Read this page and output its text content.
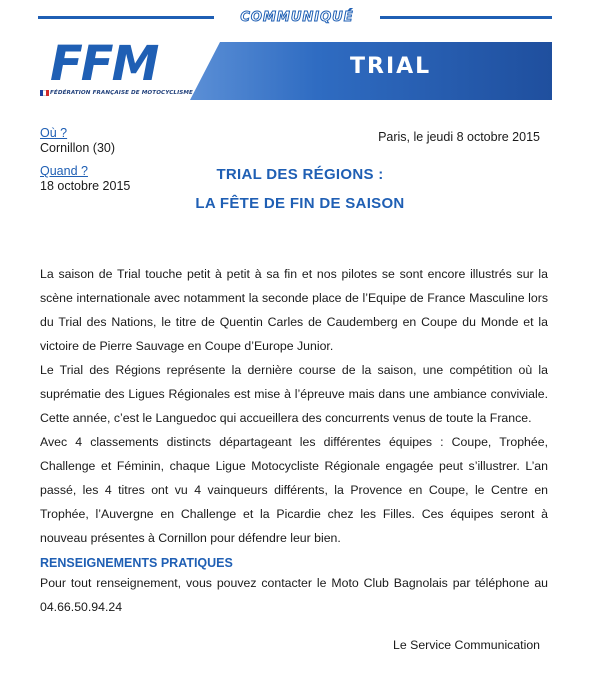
COMMUNIQUÉ
FFM
FÉDÉRATION FRANÇAISE DE MOTOCYCLISME
TRIAL
Où ?
Cornillon (30)
Quand ?
18 octobre 2015
Paris, le jeudi 8 octobre 2015
TRIAL DES RÉGIONS :
LA FÊTE DE FIN DE SAISON
La saison de Trial touche petit à petit à sa fin et nos pilotes se sont encore illustrés sur la scène internationale avec notamment la seconde place de l’Equipe de France Masculine lors du Trial des Nations, le titre de Quentin Carles de Caudemberg en Coupe du Monde et la victoire de Pierre Sauvage en Coupe d’Europe Junior.
Le Trial des Régions représente la dernière course de la saison, une compétition où la suprématie des Ligues Régionales est mise à l’épreuve mais dans une ambiance conviviale. Cette année, c’est le Languedoc qui accueillera des concurrents venus de toute la France.
Avec 4 classements distincts départageant les différentes équipes : Coupe, Trophée, Challenge et Féminin, chaque Ligue Motocycliste Régionale engagée peut s’illustrer. L’an passé, les 4 titres ont vu 4 vainqueurs différents, la Provence en Coupe, le Centre en Trophée, l’Auvergne en Challenge et la Picardie chez les Filles. Ces équipes seront à nouveau présentes à Cornillon pour défendre leur bien.
RENSEIGNEMENTS PRATIQUES
Pour tout renseignement, vous pouvez contacter le Moto Club Bagnolais par téléphone au 04.66.50.94.24
Le Service Communication
